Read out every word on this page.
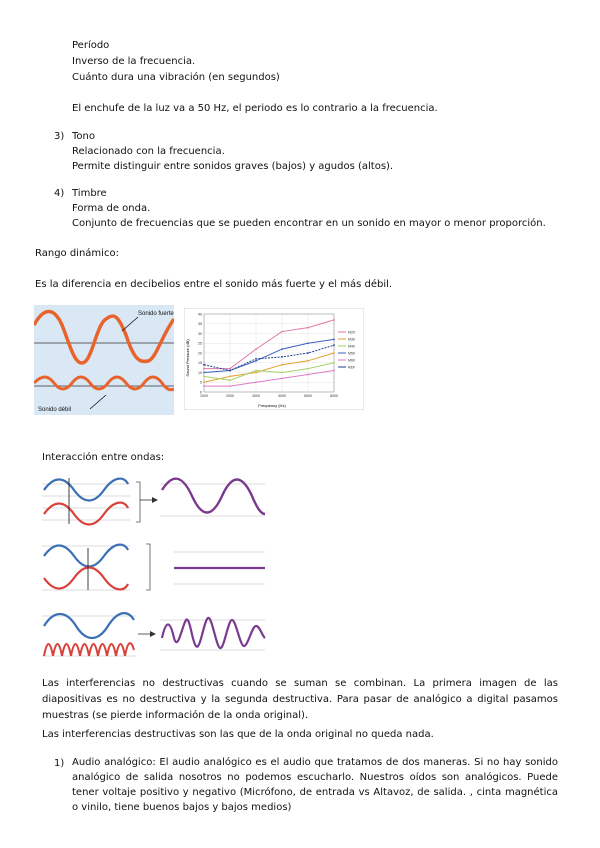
Período
Inverso de la frecuencia.
Cuánto dura una vibración (en segundos)
El enchufe de la luz va a 50 Hz, el periodo es lo contrario a la frecuencia.
3) Tono
Relacionado con la frecuencia.
Permite distinguir entre sonidos graves (bajos) y agudos (altos).
4) Timbre
Forma de onda.
Conjunto de frecuencias que se pueden encontrar en un sonido en mayor o menor proporción.
Rango dinámico:
Es la diferencia en decibelios entre el sonido más fuerte y el más débil.
Sonido fuerte
Sonido débil
0
5
10
15
20
25
30
35
40
1000	2000	3000	4000	5000	6000
M20
M30
M40
M50
M60
REF
Frequency (Hz)
Sound Pressure (dB)

Interacción entre ondas:
Las interferencias no destructivas cuando se suman se combinan. La primera imagen de las diapositivas es no destructiva y la segunda destructiva. Para pasar de analógico a digital pasamos muestras (se pierde información de la onda original).
Las interferencias destructivas son las que de la onda original no queda nada.
1) Audio analógico: El audio analógico es el audio que tratamos de dos maneras. Si no hay sonido analógico de salida nosotros no podemos escucharlo. Nuestros oídos son analógicos. Puede tener voltaje positivo y negativo (Micrófono, de entrada vs Altavoz, de salida. , cinta magnética o vinilo, tiene buenos bajos y bajos medios)
